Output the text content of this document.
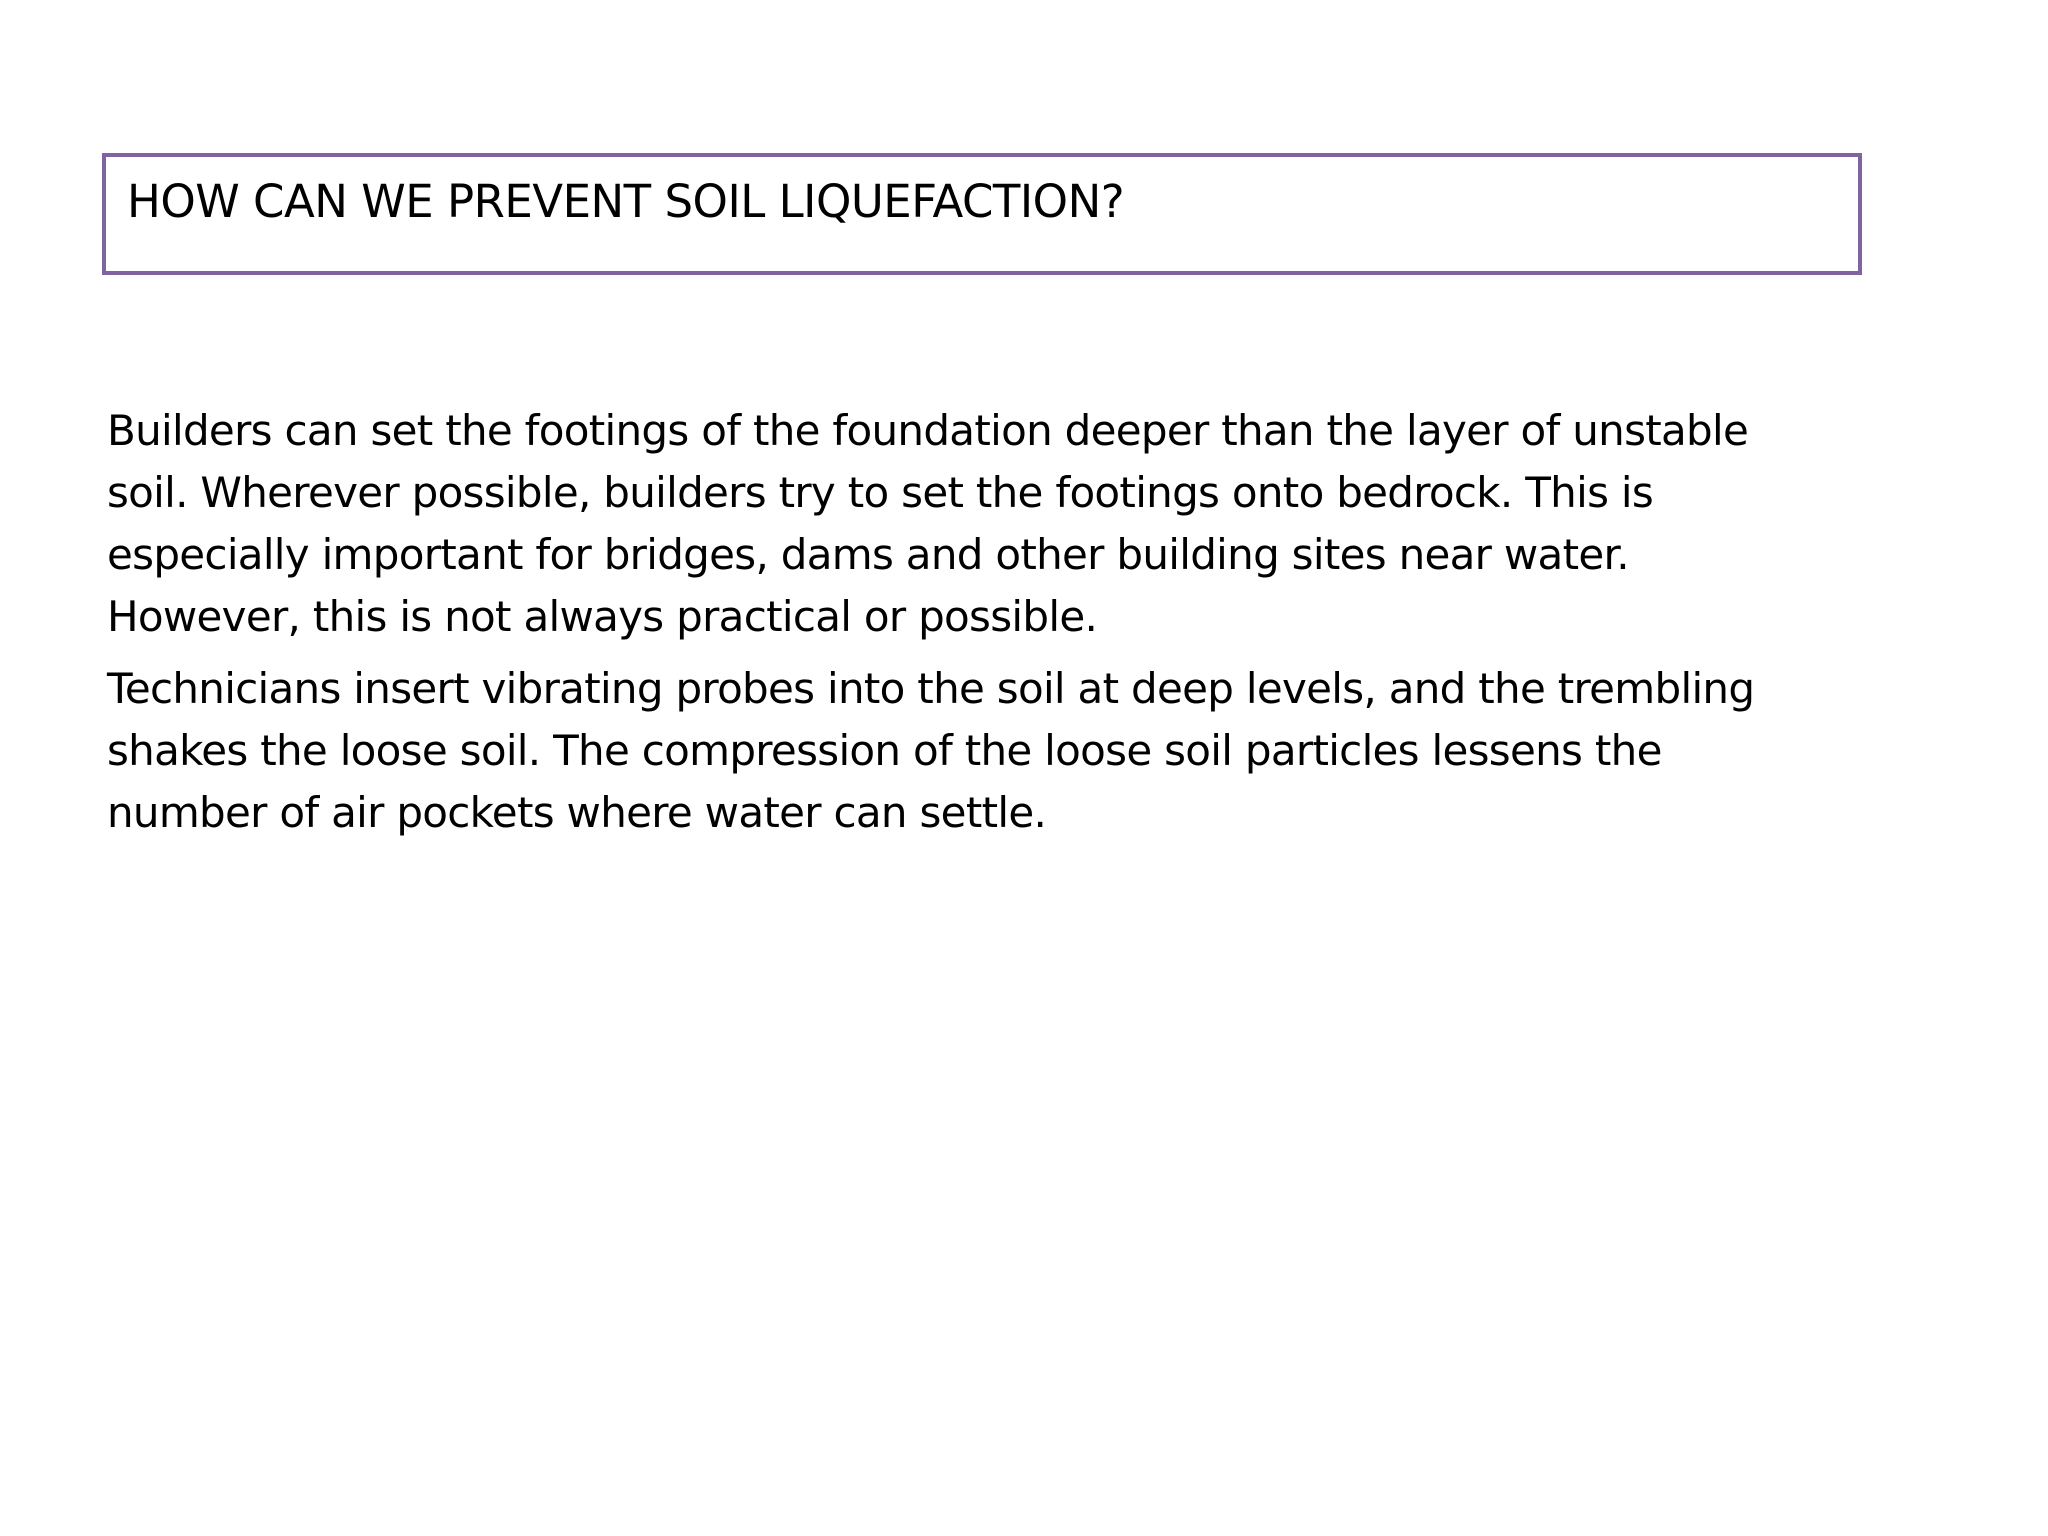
HOW CAN WE PREVENT SOIL LIQUEFACTION?

Builders can set the footings of the foundation deeper than the layer of unstable
soil. Wherever possible, builders try to set the footings onto bedrock. This is
especially important for bridges, dams and other building sites near water.
However, this is not always practical or possible.

Technicians insert vibrating probes into the soil at deep levels, and the trembling
shakes the loose soil. The compression of the loose soil particles lessens the
number of air pockets where water can settle.
